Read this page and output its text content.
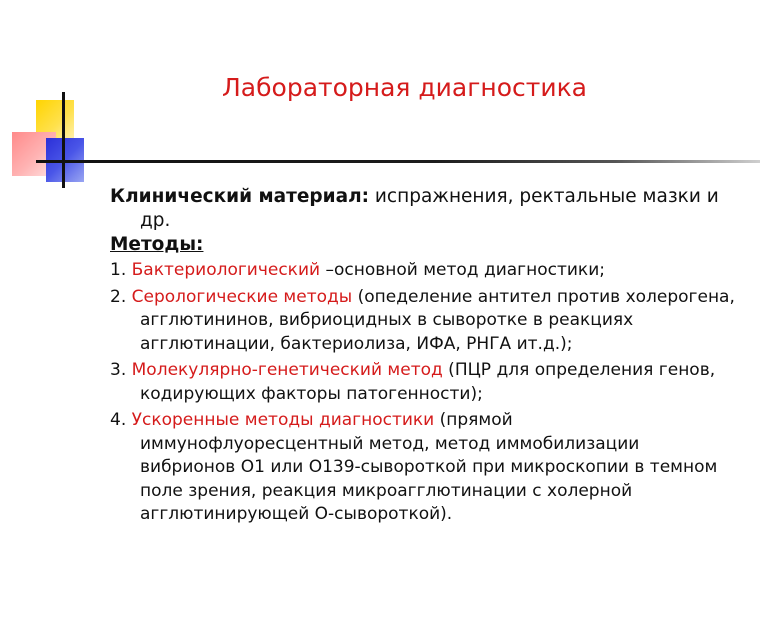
Лабораторная диагностика

Клинический материал: испражнения, ректальные мазки и др.

Методы:

1. Бактериологический –основной метод диагностики;

2. Серологические методы (опеделение антител против холерогена, агглютининов, вибриоцидных в сыворотке в реакциях агглютинации, бактериолиза, ИФА, РНГА ит.д.);

3. Молекулярно-генетический метод (ПЦР для определения генов, кодирующих факторы патогенности);

4. Ускоренные методы диагностики (прямой иммунофлуоресцентный метод, метод иммобилизации вибрионов О1 или О139-сывороткой при микроскопии в темном поле зрения, реакция микроагглютинации с холерной агглютинирующей О-сывороткой).
